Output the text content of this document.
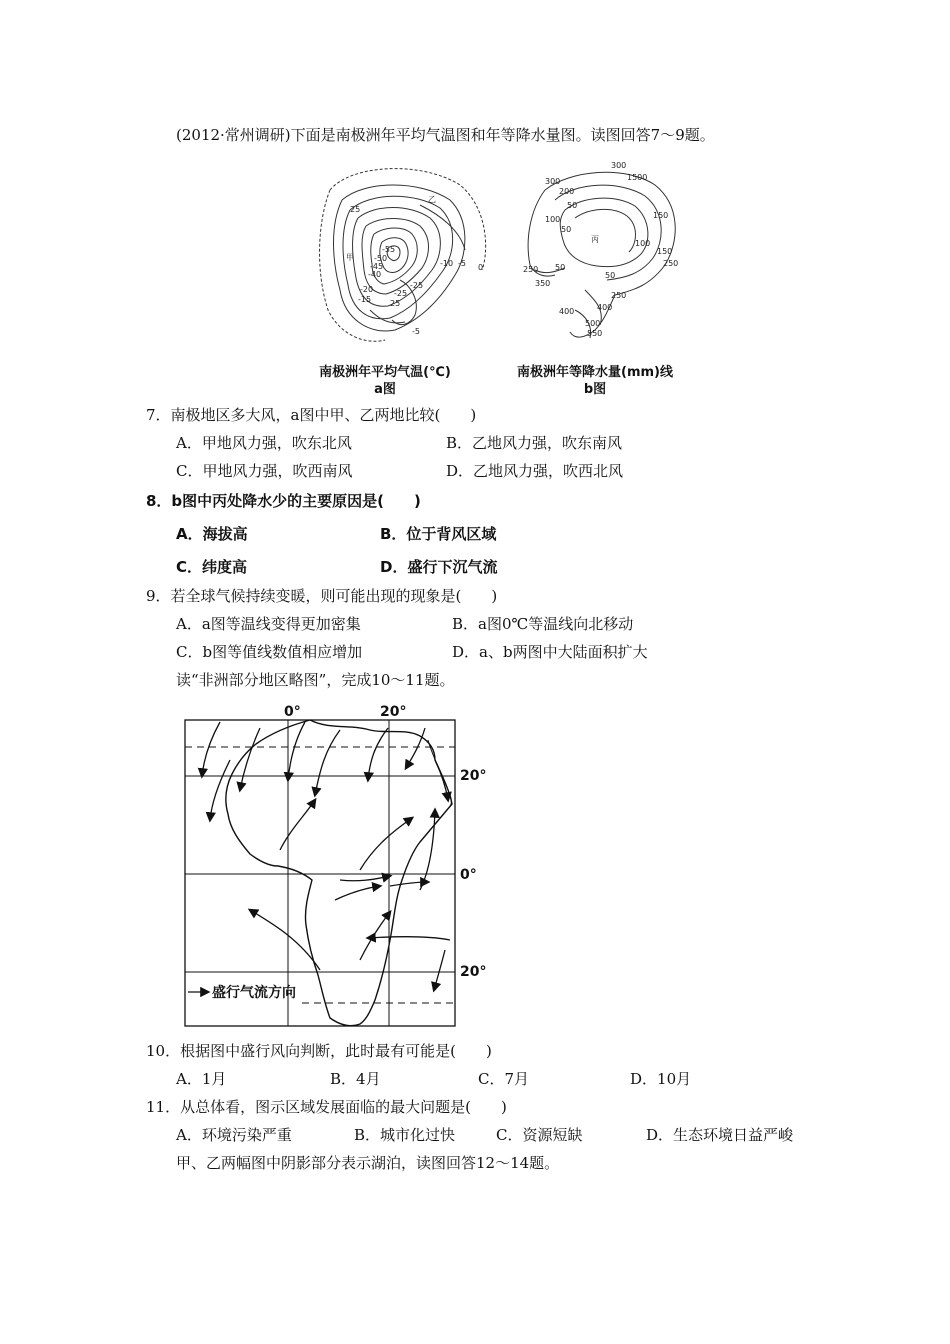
(2012·常州调研)下面是南极洲年平均气温图和年等降水量图。读图回答7～9题。
25
-55
-50
-45
-40
-20
-15
-25
-10 -5 0
-5
-25
25
甲
乙
南极洲年平均气温(℃)
a图
300
1500
300
200
50
100
50
丙
150
100
150
250
250 50
350
50
400
250
500
550
400
南极洲年等降水量(mm)线
b图
7．南极地区多大风，a图中甲、乙两地比较(　　)
A．甲地风力强，吹东北风	B．乙地风力强，吹东南风
C．甲地风力强，吹西南风	D．乙地风力强，吹西北风
8．b图中丙处降水少的主要原因是(　　)
A．海拔高	B．位于背风区域
C．纬度高	D．盛行下沉气流
9．若全球气候持续变暖，则可能出现的现象是(　　)
A．a图等温线变得更加密集	B．a图0℃等温线向北移动
C．b图等值线数值相应增加	D．a、b两图中大陆面积扩大
读“非洲部分地区略图”，完成10～11题。
0°	20°
20°
0°
20°
盛行气流方向
10．根据图中盛行风向判断，此时最有可能是(　　)
A．1月	B．4月	C．7月	D．10月
11．从总体看，图示区域发展面临的最大问题是(　　)
A．环境污染严重	B．城市化过快	C．资源短缺	D．生态环境日益严峻
甲、乙两幅图中阴影部分表示湖泊，读图回答12～14题。
